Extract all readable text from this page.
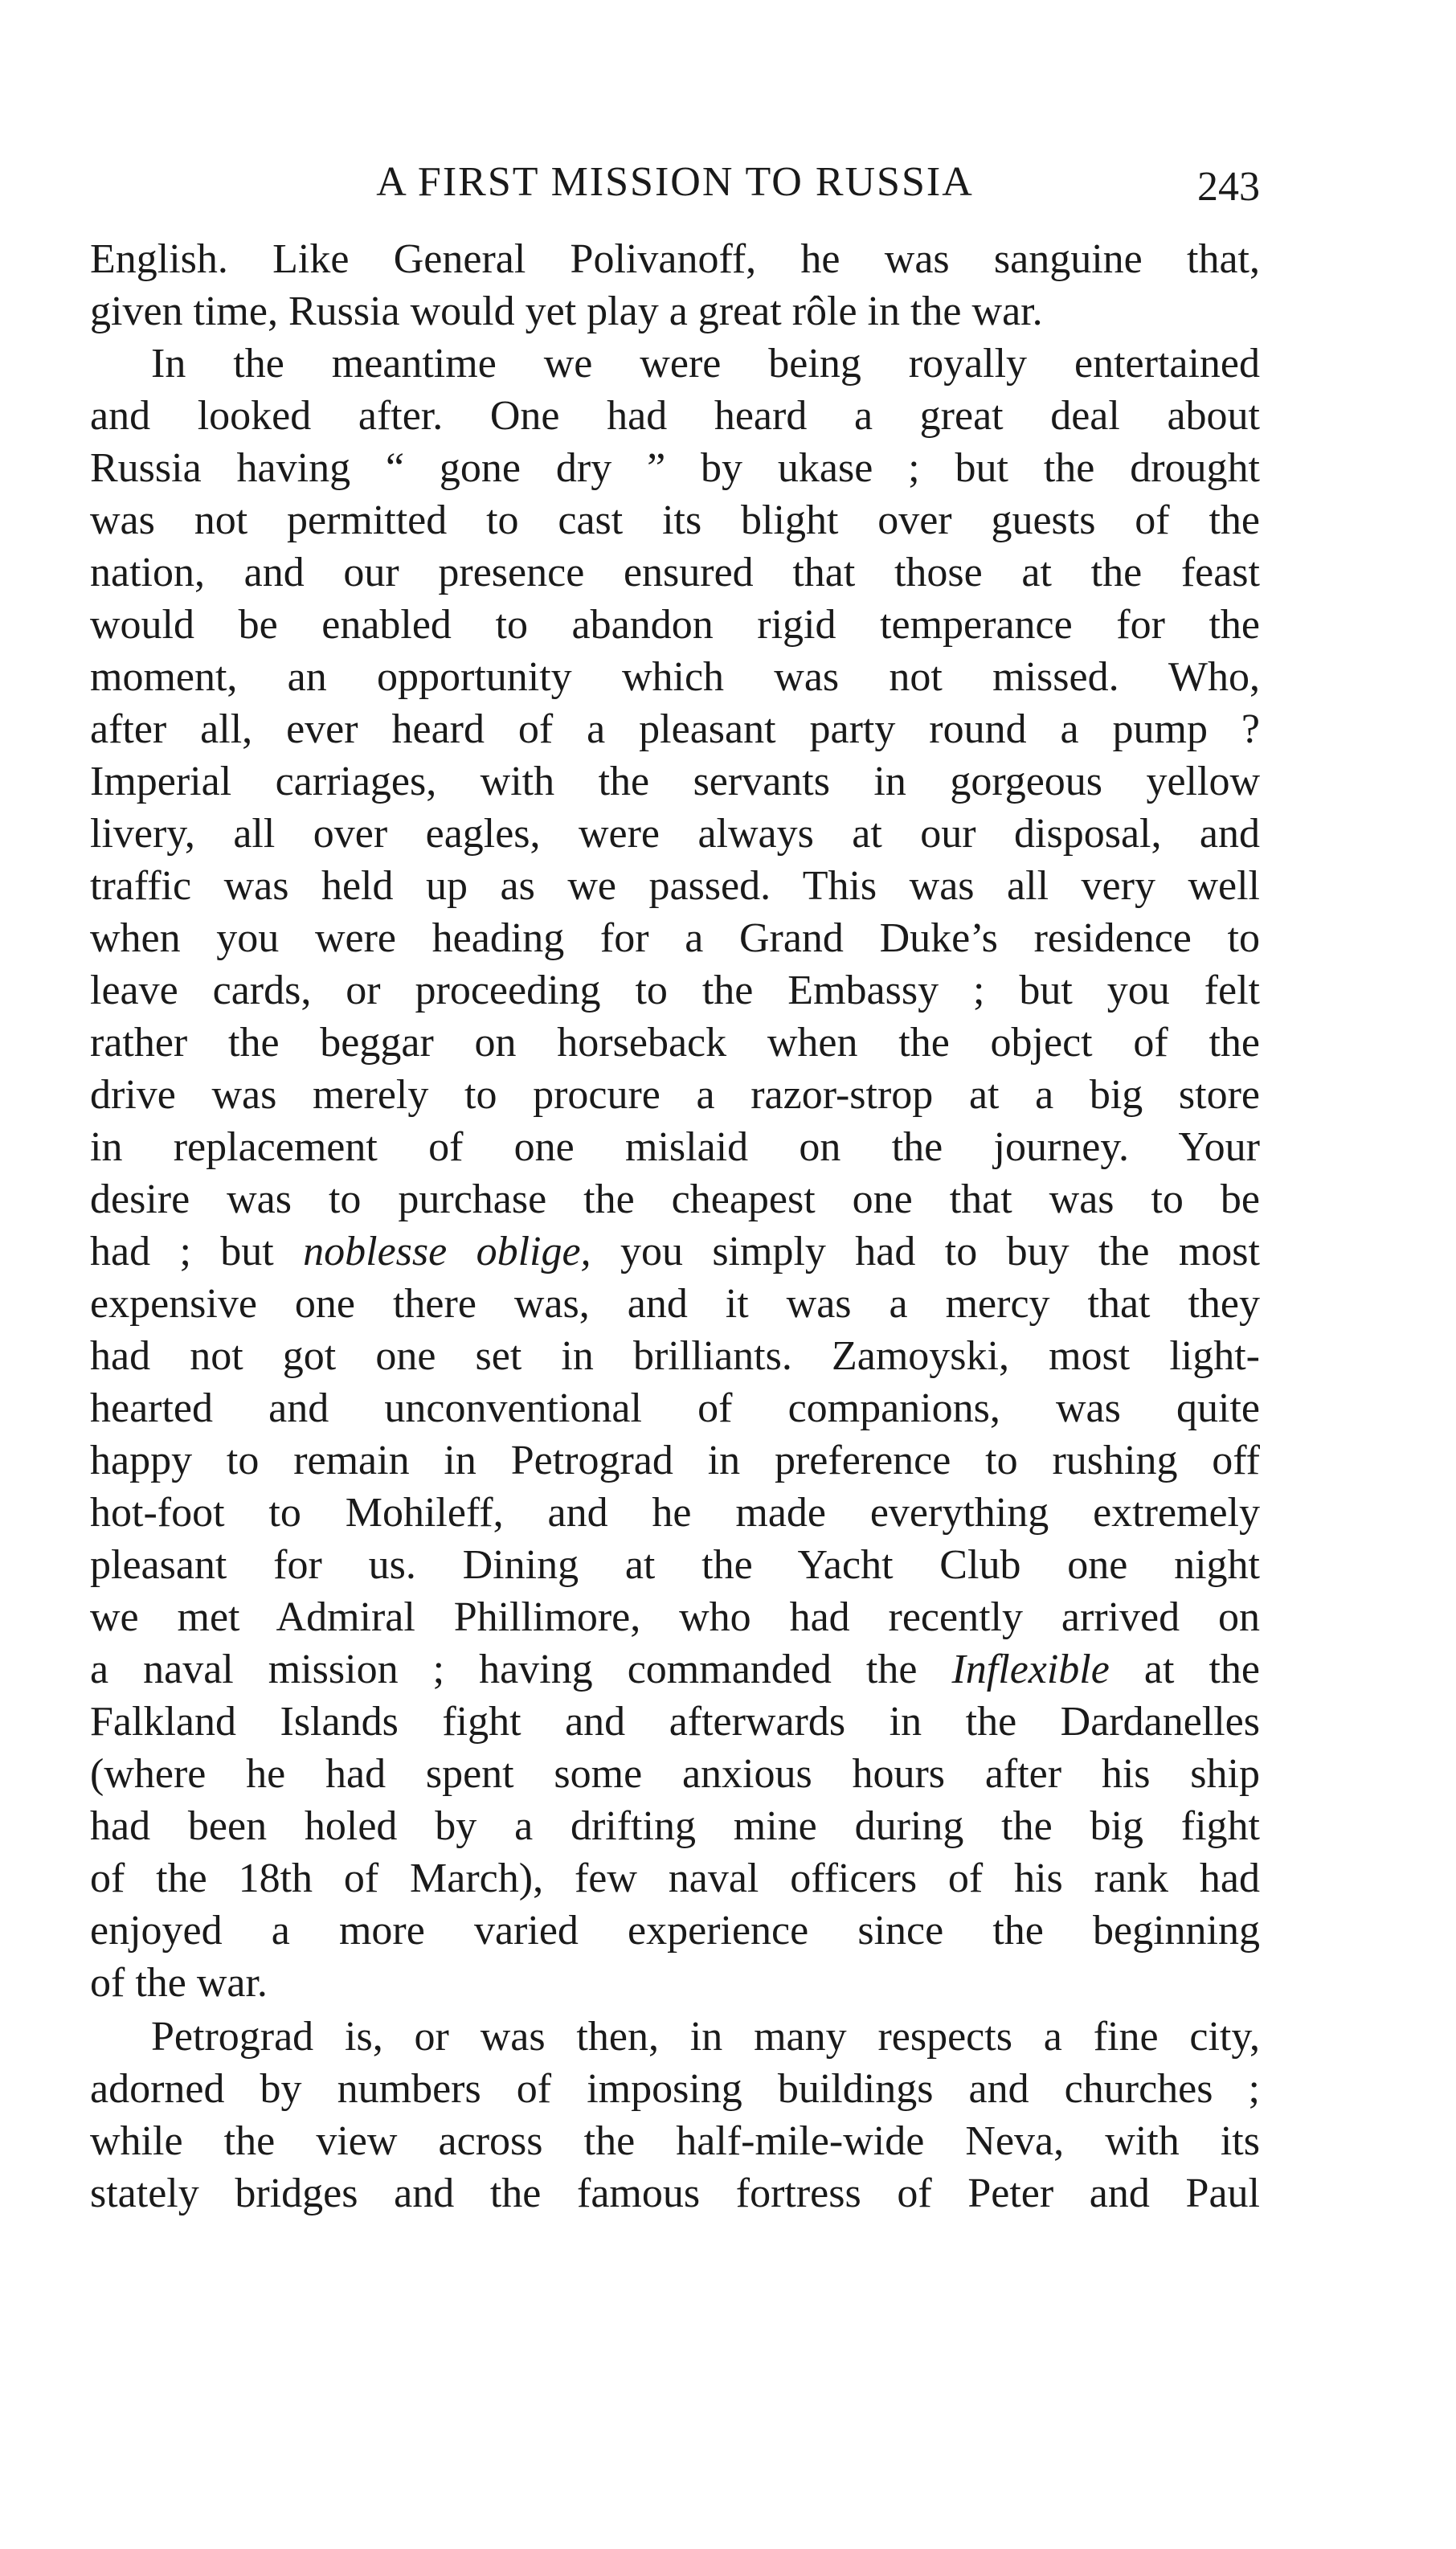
A FIRST MISSION TO RUSSIA	243
English. Like General Polivanoff, he was sanguine that,
given time, Russia would yet play a great rôle in the war.
In the meantime we were being royally entertained
and looked after. One had heard a great deal about
Russia having “ gone dry ” by ukase ; but the drought
was not permitted to cast its blight over guests of the
nation, and our presence ensured that those at the feast
would be enabled to abandon rigid temperance for the
moment, an opportunity which was not missed. Who,
after all, ever heard of a pleasant party round a pump ?
Imperial carriages, with the servants in gorgeous yellow
livery, all over eagles, were always at our disposal, and
traffic was held up as we passed. This was all very well
when you were heading for a Grand Duke’s residence to
leave cards, or proceeding to the Embassy ; but you felt
rather the beggar on horseback when the object of the
drive was merely to procure a razor-strop at a big store
in replacement of one mislaid on the journey. Your
desire was to purchase the cheapest one that was to be
had ; but noblesse oblige, you simply had to buy the most
expensive one there was, and it was a mercy that they
had not got one set in brilliants. Zamoyski, most light-
hearted and unconventional of companions, was quite
happy to remain in Petrograd in preference to rushing off
hot-foot to Mohileff, and he made everything extremely
pleasant for us. Dining at the Yacht Club one night
we met Admiral Phillimore, who had recently arrived on
a naval mission ; having commanded the Inflexible at the
Falkland Islands fight and afterwards in the Dardanelles
(where he had spent some anxious hours after his ship
had been holed by a drifting mine during the big fight
of the 18th of March), few naval officers of his rank had
enjoyed a more varied experience since the beginning
of the war.
Petrograd is, or was then, in many respects a fine city,
adorned by numbers of imposing buildings and churches ;
while the view across the half-mile-wide Neva, with its
stately bridges and the famous fortress of Peter and Paul
